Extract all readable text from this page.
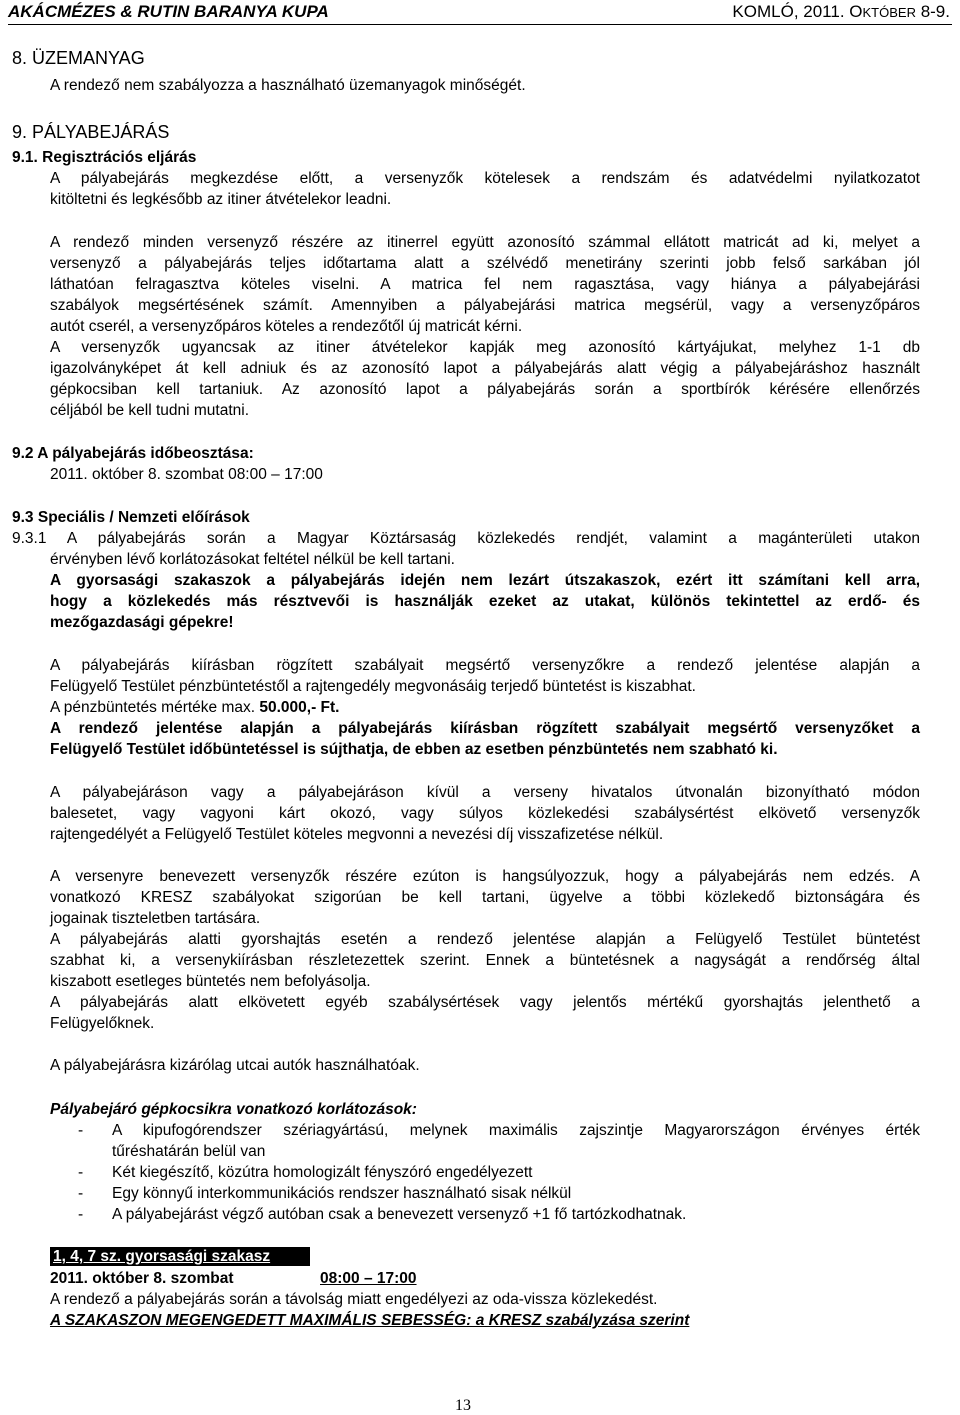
AKÁCMÉZES & RUTIN BARANYA KUPA	KOMLÓ, 2011. OKTÓBER 8-9.
8. ÜZEMANYAG
A rendező nem szabályozza a használható üzemanyagok minőségét.
9. PÁLYABEJÁRÁS
9.1. Regisztrációs eljárás
A pályabejárás megkezdése előtt, a versenyzők kötelesek a rendszám és adatvédelmi nyilatkozatot
kitöltetni és legkésőbb az itiner átvételekor leadni.
A rendező minden versenyző részére az itinerrel együtt azonosító számmal ellátott matricát ad ki, melyet a
versenyző a pályabejárás teljes időtartama alatt a szélvédő menetirány szerinti jobb felső sarkában jól
láthatóan felragasztva köteles viselni. A matrica fel nem ragasztása, vagy hiánya a pályabejárási
szabályok megsértésének számít. Amennyiben a pályabejárási matrica megsérül, vagy a versenyzőpáros
autót cserél, a versenyzőpáros köteles a rendezőtől új matricát kérni.
A versenyzők ugyancsak az itiner átvételekor kapják meg azonosító kártyájukat, melyhez 1-1 db
igazolványképet át kell adniuk és az azonosító lapot a pályabejárás alatt végig a pályabejáráshoz használt
gépkocsiban kell tartaniuk. Az azonosító lapot a pályabejárás során a sportbírók kérésére ellenőrzés
céljából be kell tudni mutatni.
9.2 A pályabejárás időbeosztása:
2011. október 8. szombat 08:00 – 17:00
9.3 Speciális / Nemzeti előírások
9.3.1 A pályabejárás során a Magyar Köztársaság közlekedés rendjét, valamint a magánterületi utakon
érvényben lévő korlátozásokat feltétel nélkül be kell tartani.
A gyorsasági szakaszok a pályabejárás idején nem lezárt útszakaszok, ezért itt számítani kell arra,
hogy a közlekedés más résztvevői is használják ezeket az utakat, különös tekintettel az erdő- és
mezőgazdasági gépekre!
A pályabejárás kiírásban rögzített szabályait megsértő versenyzőkre a rendező jelentése alapján a
Felügyelő Testület pénzbüntetéstől a rajtengedély megvonásáig terjedő büntetést is kiszabhat.
A pénzbüntetés mértéke max. 50.000,- Ft.
A rendező jelentése alapján a pályabejárás kiírásban rögzített szabályait megsértő versenyzőket a
Felügyelő Testület időbüntetéssel is sújthatja, de ebben az esetben pénzbüntetés nem szabható ki.
A pályabejáráson vagy a pályabejáráson kívül a verseny hivatalos útvonalán bizonyítható módon
balesetet, vagy vagyoni kárt okozó, vagy súlyos közlekedési szabálysértést elkövető versenyzők
rajtengedélyét a Felügyelő Testület köteles megvonni a nevezési díj visszafizetése nélkül.
A versenyre benevezett versenyzők részére ezúton is hangsúlyozzuk, hogy a pályabejárás nem edzés. A
vonatkozó KRESZ szabályokat szigorúan be kell tartani, ügyelve a többi közlekedő biztonságára és
jogainak tiszteletben tartására.
A pályabejárás alatti gyorshajtás esetén a rendező jelentése alapján a Felügyelő Testület büntetést
szabhat ki, a versenykiírásban részletezettek szerint. Ennek a büntetésnek a nagyságát a rendőrség által
kiszabott esetleges büntetés nem befolyásolja.
A pályabejárás alatt elkövetett egyéb szabálysértések vagy jelentős mértékű gyorshajtás jelenthető a
Felügyelőknek.
A pályabejárásra kizárólag utcai autók használhatóak.
Pályabejáró gépkocsikra vonatkozó korlátozások:
- A kipufogórendszer szériagyártású, melynek maximális zajszintje Magyarországon érvényes érték
tűréshatárán belül van
- Két kiegészítő, közútra homologizált fényszóró engedélyezett
- Egy könnyű interkommunikációs rendszer használható sisak nélkül
- A pályabejárást végző autóban csak a benevezett versenyző +1 fő tartózkodhatnak.
1, 4, 7 sz. gyorsasági szakasz
2011. október 8. szombat	08:00 – 17:00
A rendező a pályabejárás során a távolság miatt engedélyezi az oda-vissza közlekedést.
A SZAKASZON MEGENGEDETT MAXIMÁLIS SEBESSÉG: a KRESZ szabályzása szerint
13
